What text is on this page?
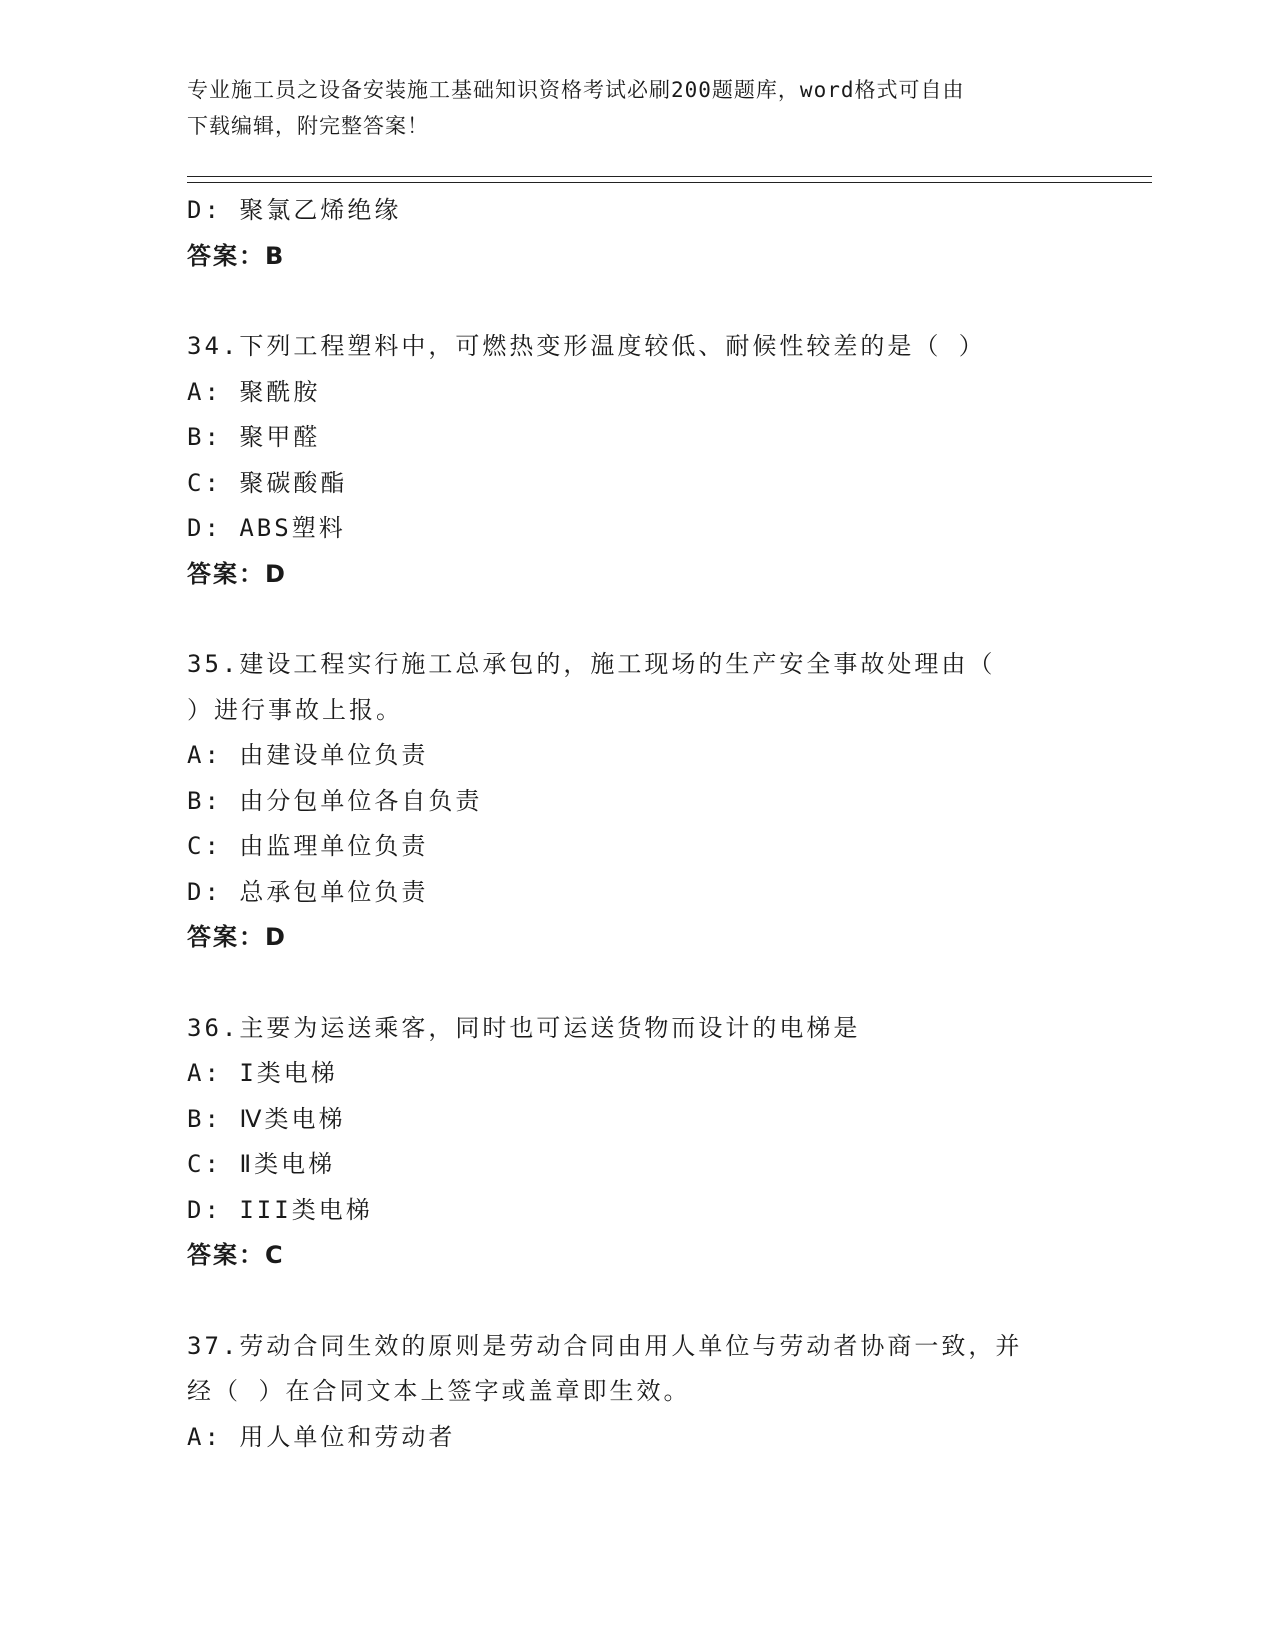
专业施工员之设备安装施工基础知识资格考试必刷200题题库，word格式可自由
下载编辑，附完整答案！
D: 聚氯乙烯绝缘
答案：B
34.下列工程塑料中，可燃热变形温度较低、耐候性较差的是（ ）
A: 聚酰胺
B: 聚甲醛
C: 聚碳酸酯
D: ABS塑料
答案：D
35.建设工程实行施工总承包的，施工现场的生产安全事故处理由（
）进行事故上报。
A: 由建设单位负责
B: 由分包单位各自负责
C: 由监理单位负责
D: 总承包单位负责
答案：D
36.主要为运送乘客，同时也可运送货物而设计的电梯是
A: I类电梯
B: Ⅳ类电梯
C: Ⅱ类电梯
D: III类电梯
答案：C
37.劳动合同生效的原则是劳动合同由用人单位与劳动者协商一致，并
经（ ）在合同文本上签字或盖章即生效。
A: 用人单位和劳动者
